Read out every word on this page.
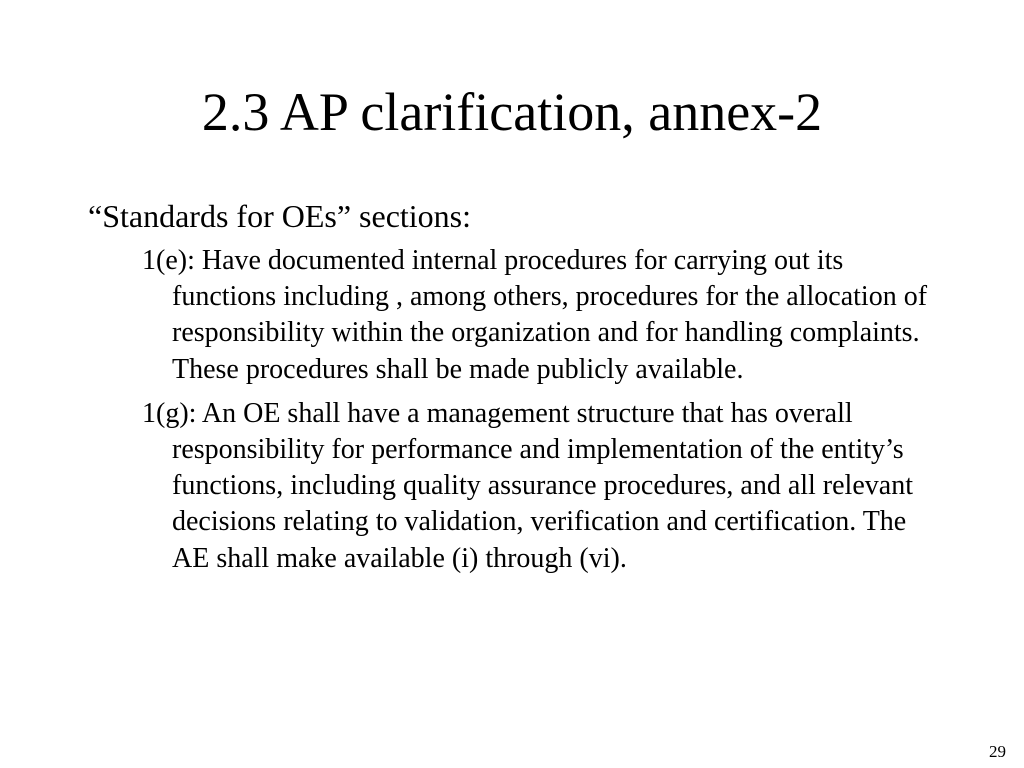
2.3 AP clarification, annex-2

“Standards for OEs” sections:

1(e): Have documented internal procedures for carrying out its functions including , among others, procedures for the allocation of responsibility within the organization and for handling complaints. These procedures shall be made publicly available.

1(g): An OE shall have a management structure that has overall responsibility for performance and implementation of the entity’s functions, including quality assurance procedures, and all relevant decisions relating to validation, verification and certification. The AE shall make available (i) through (vi).

29
